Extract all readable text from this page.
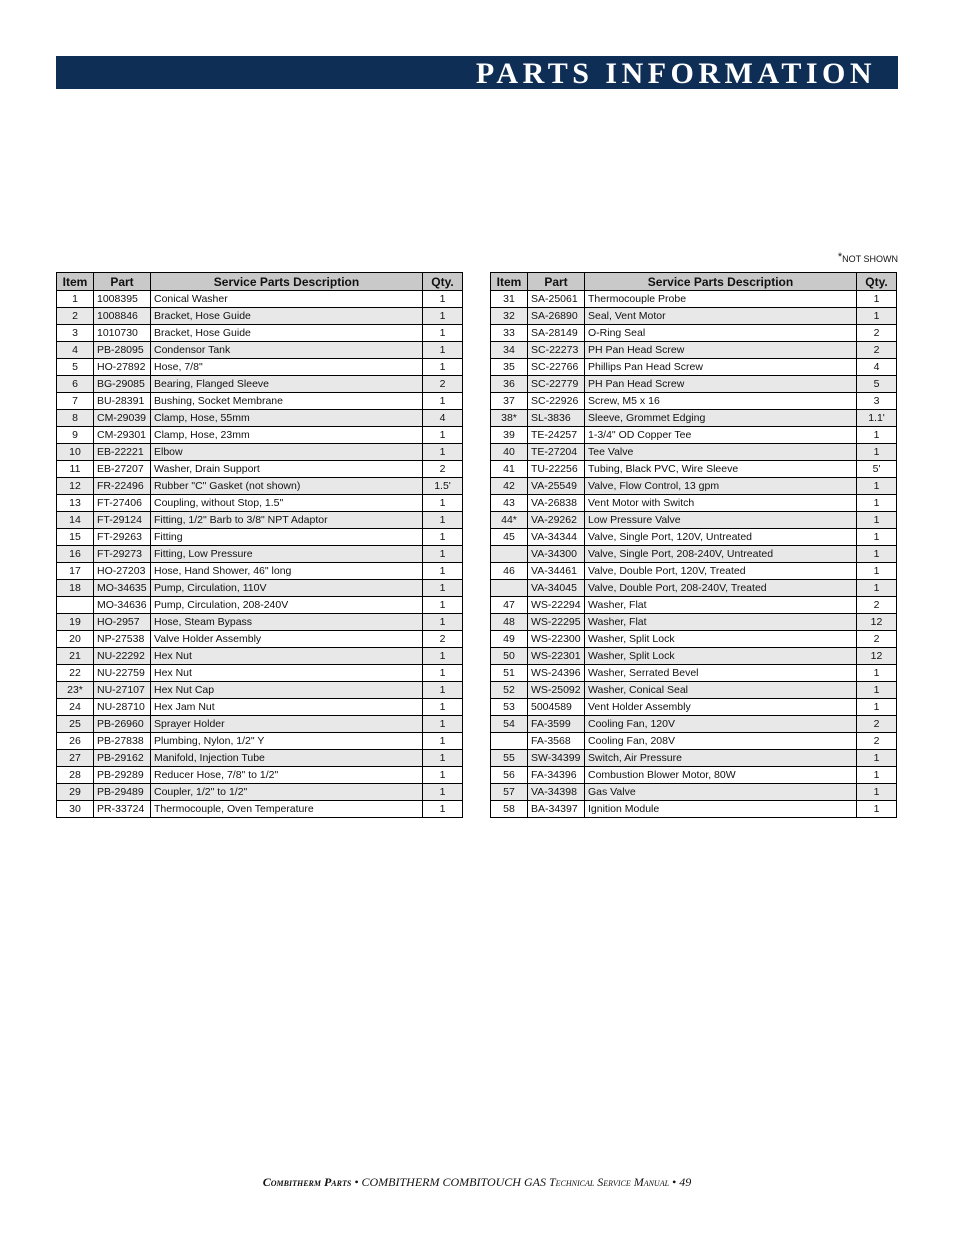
PARTS INFORMATION
*NOT SHOWN
Item	Part	Service Parts Description	Qty.
1	1008395	Conical Washer	1
2	1008846	Bracket, Hose Guide	1
3	1010730	Bracket, Hose Guide	1
4	PB-28095	Condensor Tank	1
5	HO-27892	Hose, 7/8"	1
6	BG-29085	Bearing, Flanged Sleeve	2
7	BU-28391	Bushing, Socket Membrane	1
8	CM-29039	Clamp, Hose, 55mm	4
9	CM-29301	Clamp, Hose, 23mm	1
10	EB-22221	Elbow	1
11	EB-27207	Washer, Drain Support	2
12	FR-22496	Rubber "C" Gasket (not shown)	1.5'
13	FT-27406	Coupling, without Stop, 1.5"	1
14	FT-29124	Fitting, 1/2" Barb to 3/8" NPT Adaptor	1
15	FT-29263	Fitting	1
16	FT-29273	Fitting, Low Pressure	1
17	HO-27203	Hose, Hand Shower, 46" long	1
18	MO-34635	Pump, Circulation, 110V	1
	MO-34636	Pump, Circulation, 208-240V	1
19	HO-2957	Hose, Steam Bypass	1
20	NP-27538	Valve Holder Assembly	2
21	NU-22292	Hex Nut	1
22	NU-22759	Hex Nut	1
23*	NU-27107	Hex Nut Cap	1
24	NU-28710	Hex Jam Nut	1
25	PB-26960	Sprayer Holder	1
26	PB-27838	Plumbing, Nylon, 1/2" Y	1
27	PB-29162	Manifold, Injection Tube	1
28	PB-29289	Reducer Hose, 7/8" to 1/2"	1
29	PB-29489	Coupler, 1/2" to 1/2"	1
30	PR-33724	Thermocouple, Oven Temperature	1
Item	Part	Service Parts Description	Qty.
31	SA-25061	Thermocouple Probe	1
32	SA-26890	Seal, Vent Motor	1
33	SA-28149	O-Ring Seal	2
34	SC-22273	PH Pan Head Screw	2
35	SC-22766	Phillips Pan Head Screw	4
36	SC-22779	PH Pan Head Screw	5
37	SC-22926	Screw, M5 x 16	3
38*	SL-3836	Sleeve, Grommet Edging	1.1'
39	TE-24257	1-3/4" OD Copper Tee	1
40	TE-27204	Tee Valve	1
41	TU-22256	Tubing, Black PVC, Wire Sleeve	5'
42	VA-25549	Valve, Flow Control, 13 gpm	1
43	VA-26838	Vent Motor with Switch	1
44*	VA-29262	Low Pressure Valve	1
45	VA-34344	Valve, Single Port, 120V, Untreated	1
	VA-34300	Valve, Single Port, 208-240V, Untreated	1
46	VA-34461	Valve, Double Port, 120V, Treated	1
	VA-34045	Valve, Double Port, 208-240V, Treated	1
47	WS-22294	Washer, Flat	2
48	WS-22295	Washer, Flat	12
49	WS-22300	Washer, Split Lock	2
50	WS-22301	Washer, Split Lock	12
51	WS-24396	Washer, Serrated Bevel	1
52	WS-25092	Washer, Conical Seal	1
53	5004589	Vent Holder Assembly	1
54	FA-3599	Cooling Fan, 120V	2
	FA-3568	Cooling Fan, 208V	2
55	SW-34399	Switch, Air Pressure	1
56	FA-34396	Combustion Blower Motor, 80W	1
57	VA-34398	Gas Valve	1
58	BA-34397	Ignition Module	1
Combitherm Parts • COMBITHERM COMBITOUCH GAS Technical Service Manual • 49
